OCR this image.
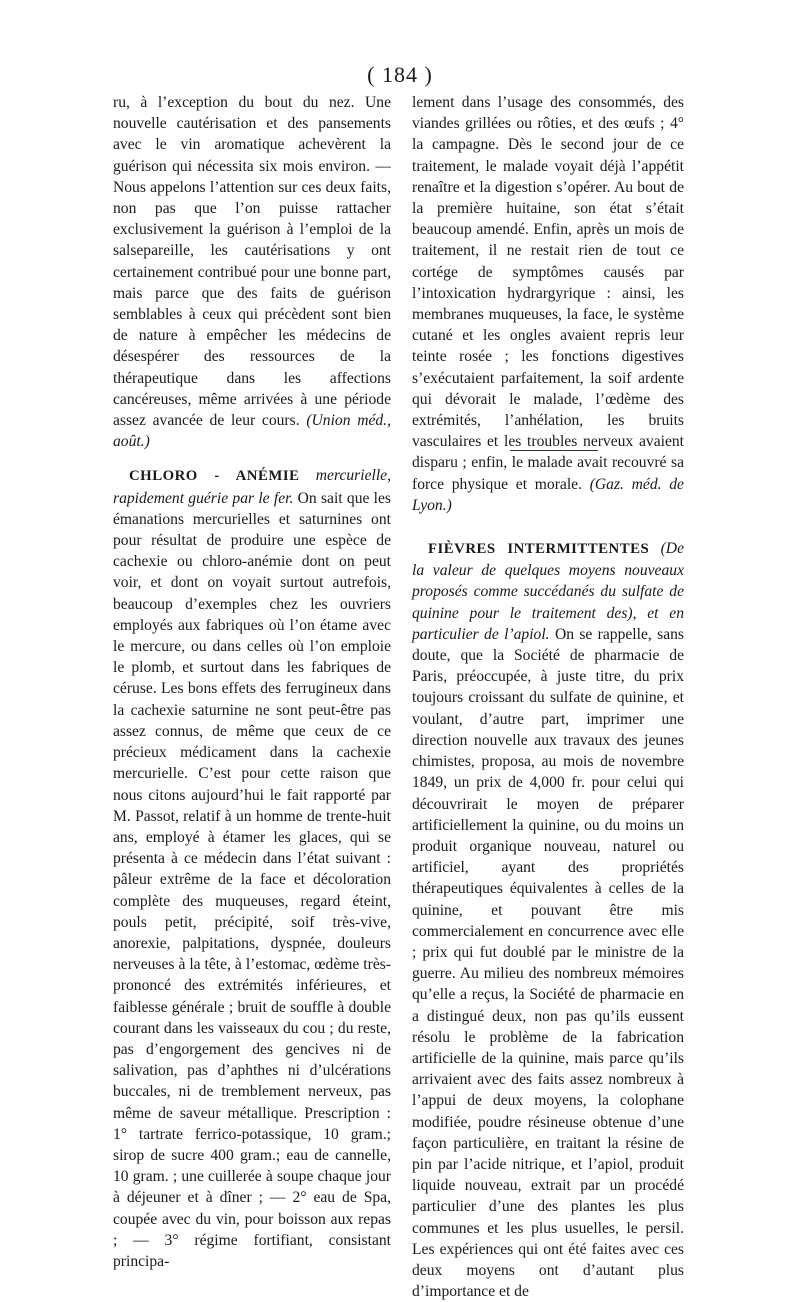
( 184 )

ru, à l’exception du bout du nez. Une nouvelle cautérisation et des pansements avec le vin aromatique achevèrent la guérison qui nécessita six mois environ. — Nous appelons l’attention sur ces deux faits, non pas que l’on puisse rattacher exclusivement la guérison à l’emploi de la salsepareille, les cautérisations y ont certainement contribué pour une bonne part, mais parce que des faits de guérison semblables à ceux qui précèdent sont bien de nature à empêcher les médecins de désespérer des ressources de la thérapeutique dans les affections cancéreuses, même arrivées à une période assez avancée de leur cours. (Union méd., août.)

CHLORO - ANÉMIE mercurielle, rapidement guérie par le fer. On sait que les émanations mercurielles et saturnines ont pour résultat de produire une espèce de cachexie ou chloro-anémie dont on peut voir, et dont on voyait surtout autrefois, beaucoup d’exemples chez les ouvriers employés aux fabriques où l’on étame avec le mercure, ou dans celles où l’on emploie le plomb, et surtout dans les fabriques de céruse. Les bons effets des ferrugineux dans la cachexie saturnine ne sont peut-être pas assez connus, de même que ceux de ce précieux médicament dans la cachexie mercurielle. C’est pour cette raison que nous citons aujourd’hui le fait rapporté par M. Passot, relatif à un homme de trente-huit ans, employé à étamer les glaces, qui se présenta à ce médecin dans l’état suivant : pâleur extrême de la face et décoloration complète des muqueuses, regard éteint, pouls petit, précipité, soif très-vive, anorexie, palpitations, dyspnée, douleurs nerveuses à la tête, à l’estomac, œdème très-prononcé des extrémités inférieures, et faiblesse générale ; bruit de souffle à double courant dans les vaisseaux du cou ; du reste, pas d’engorgement des gencives ni de salivation, pas d’aphthes ni d’ulcérations buccales, ni de tremblement nerveux, pas même de saveur métallique. Prescription : 1° tartrate ferrico-potassique, 10 gram.; sirop de sucre 400 gram.; eau de cannelle, 10 gram. ; une cuillerée à soupe chaque jour à déjeuner et à dîner ; — 2° eau de Spa, coupée avec du vin, pour boisson aux repas ; — 3° régime fortifiant, consistant principa-

lement dans l’usage des consommés, des viandes grillées ou rôties, et des œufs ; 4° la campagne. Dès le second jour de ce traitement, le malade voyait déjà l’appétit renaître et la digestion s’opérer. Au bout de la première huitaine, son état s’était beaucoup amendé. Enfin, après un mois de traitement, il ne restait rien de tout ce cortége de symptômes causés par l’intoxication hydrargyrique : ainsi, les membranes muqueuses, la face, le système cutané et les ongles avaient repris leur teinte rosée ; les fonctions digestives s’exécutaient parfaitement, la soif ardente qui dévorait le malade, l’œdème des extrémités, l’anhélation, les bruits vasculaires et les troubles nerveux avaient disparu ; enfin, le malade avait recouvré sa force physique et morale. (Gaz. méd. de Lyon.)

FIÈVRES INTERMITTENTES (De la valeur de quelques moyens nouveaux proposés comme succédanés du sulfate de quinine pour le traitement des), et en particulier de l’apiol. On se rappelle, sans doute, que la Société de pharmacie de Paris, préoccupée, à juste titre, du prix toujours croissant du sulfate de quinine, et voulant, d’autre part, imprimer une direction nouvelle aux travaux des jeunes chimistes, proposa, au mois de novembre 1849, un prix de 4,000 fr. pour celui qui découvrirait le moyen de préparer artificiellement la quinine, ou du moins un produit organique nouveau, naturel ou artificiel, ayant des propriétés thérapeutiques équivalentes à celles de la quinine, et pouvant être mis commercialement en concurrence avec elle ; prix qui fut doublé par le ministre de la guerre. Au milieu des nombreux mémoires qu’elle a reçus, la Société de pharmacie en a distingué deux, non pas qu’ils eussent résolu le problème de la fabrication artificielle de la quinine, mais parce qu’ils arrivaient avec des faits assez nombreux à l’appui de deux moyens, la colophane modifiée, poudre résineuse obtenue d’une façon particulière, en traitant la résine de pin par l’acide nitrique, et l’apiol, produit liquide nouveau, extrait par un procédé particulier d’une des plantes les plus communes et les plus usuelles, le persil. Les expériences qui ont été faites avec ces deux moyens ont d’autant plus d’importance et de
